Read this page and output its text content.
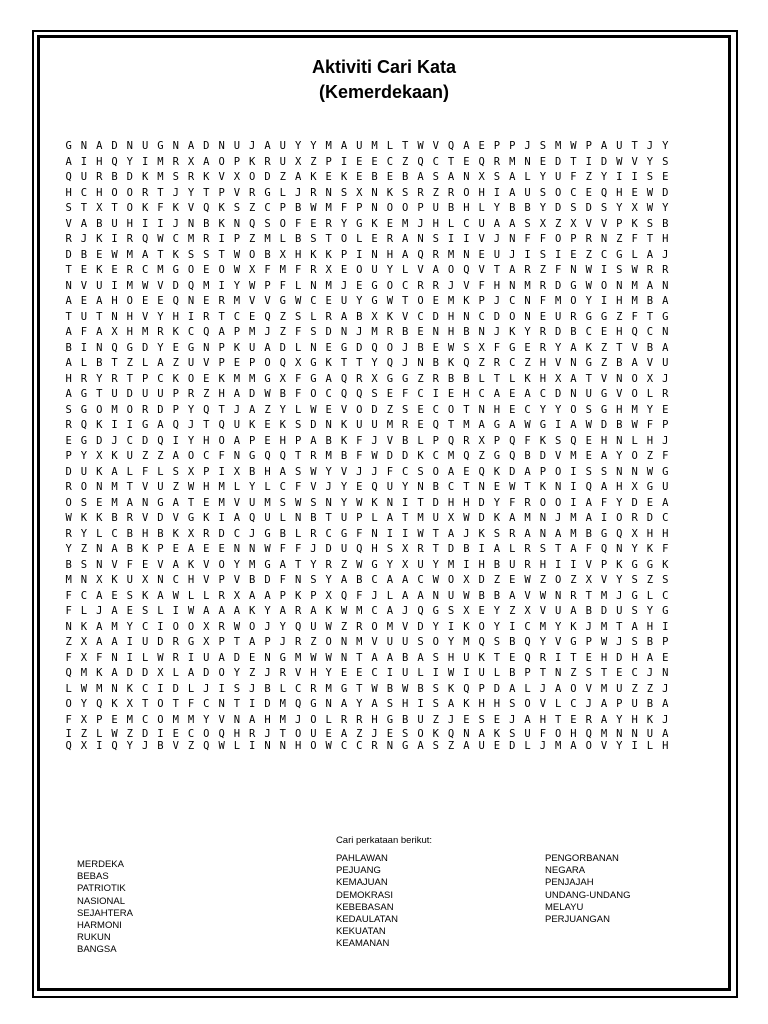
Aktiviti Cari Kata
(Kemerdekaan)
G N A D N U G N A D N U J A U Y Y M A U M L T W V Q A E P P J S M W P A U T J Y
A I H Q Y I M R X A O P K R U X Z P I E E C Z Q C T E Q R M N E D T I D W V Y S
Q U R B D K M S R K V X O D Z A K E K E B E B A S A N X S A L Y U F Z Y I I S E
H C H O O R T J Y T P V R G L J R N S X N K S R Z R O H I A U S O C E Q H E W D
S T X T O K F K V Q K S Z C P B W M F P N O O P U B H L Y B B Y D S D S Y X W Y
V A B U H I I J N B K N Q S O F E R Y G K E M J H L C U A A S X Z X V V P K S B
R J K I R Q W C M R I P Z M L B S T O L E R A N S I I V J N F F O P R N Z F T H
D B E W M A T K S S T W O B X H K K P I N H A Q R M N E U J I S I E Z C G L A J
T E K E R C M G O E O W X F M F R X E O U Y L V A O Q V T A R Z F N W I S W R R
N V U I M W V D Q M I Y W P F L N M J E G O C R R J V F H N M R D G W O N M A N
A E A H O E E Q N E R M V V G W C E U Y G W T O E M K P J C N F M O Y I H M B A
T U T N H V Y H I R T C E Q Z S L R A B X K V C D H N C D O N E U R G G Z F T G
A F A X H M R K C Q A P M J Z F S D N J M R B E N H B N J K Y R D B C E H Q C N
B I N Q G D Y E G N P K U A D L N E G D Q O J B E W S X F G E R Y A K Z T V B A
A L B T Z L A Z U V P E P O Q X G K T T Y Q J N B K Q Z R C Z H V N G Z B A V U
H R Y R T P C K O E K M M G X F G A Q R X G G Z R B B L T L K H X A T V N O X J
A G T U D U U P R Z H A D W B F O C Q Q S E F C I E H C A E A C D N U G V O L R
S G O M O R D P Y Q T J A Z Y L W E V O D Z S E C O T N H E C Y Y O S G H M Y E
R Q K I I G A Q J T Q U K E K S D N K U U M R E Q T M A G A W G I A W D B W F P
E G D J C D Q I Y H O A P E H P A B K F J V B L P Q R X P Q F K S Q E H N L H J
P Y X K U Z Z A O C F N G Q Q T R M B F W D D K C M Q Z G Q B D V M E A Y O Z F
D U K A L F L S X P I X B H A S W Y V J J F C S O A E Q K D A P O I S S N N W G
R O N M T V U Z W H M L Y L C F V J Y E Q U Y N B C T N E W T K N I Q A H X G U
O S E M A N G A T E M V U M S W S N Y W K N I T D H H D Y F R O O I A F Y D E A
W K K B R V D V G K I A Q U L N B T U P L A T M U X W D K A M N J M A I O R D C
R Y L C B H B K X R D C J G B L R C G F N I I W T A J K S R A N A M B G Q X H H
Y Z N A B K P E A E E N N W F F J D U Q H S X R T D B I A L R S T A F Q N Y K F
B S N V F E V A K V O Y M G A T Y R Z W G Y X U Y M I H B U R H I I V P K G G K
M N X K U X N C H V P V B D F N S Y A B C A A C W O X D Z E W Z O Z X V Y S Z S
F C A E S K A W L L R X A A P K P X Q F J L A A N U W B B A V W N R T M J G L C
F L J A E S L I W A A A K Y A R A K W M C A J Q G S X E Y Z X V U A B D U S Y G
N K A M Y C I O O X R W O J Y Q U W Z R O M V D Y I K O Y I C M Y K J M T A H I
Z X A A I U D R G X P T A P J R Z O N M V U U S O Y M Q S B Q Y V G P W J S B P
F X F N I L W R I U A D E N G M W W N T A A B A S H U K T E Q R I T E H D H A E
Q M K A D D X L A D O Y Z J R V H Y E E C I U L I W I U L B P T N Z S T E C J N
L W M N K C I D L J I S J B L C R M G T W B W B S K Q P D A L J A O V M U Z Z J
O Y Q K X T O T F C N T I D M Q G N A Y A S H I S A K H H S O V L C J A P U B A
F X P E M C O M M Y V N A H M J O L R R H G B U Z J E S E J A H T E R A Y H K J
I Z L W Z D I E C O Q H R J T O U E A Z J E S O K Q N A K S U F O H Q M N N U A
Q X I Q Y J B V Z Q W L I N N H O W C C R N G A S Z A U E D L J M A O V Y I L H
Cari perkataan berikut:
MERDEKA
BEBAS
PATRIOTIK
NASIONAL
SEJAHTERA
HARMONI
RUKUN
BANGSA
PAHLAWAN
PEJUANG
KEMAJUAN
DEMOKRASI
KEBEBASAN
KEDAULATAN
KEKUATAN
KEAMANAN
PENGORBANAN
NEGARA
PENJAJAH
UNDANG-UNDANG
MELAYU
PERJUANGAN
